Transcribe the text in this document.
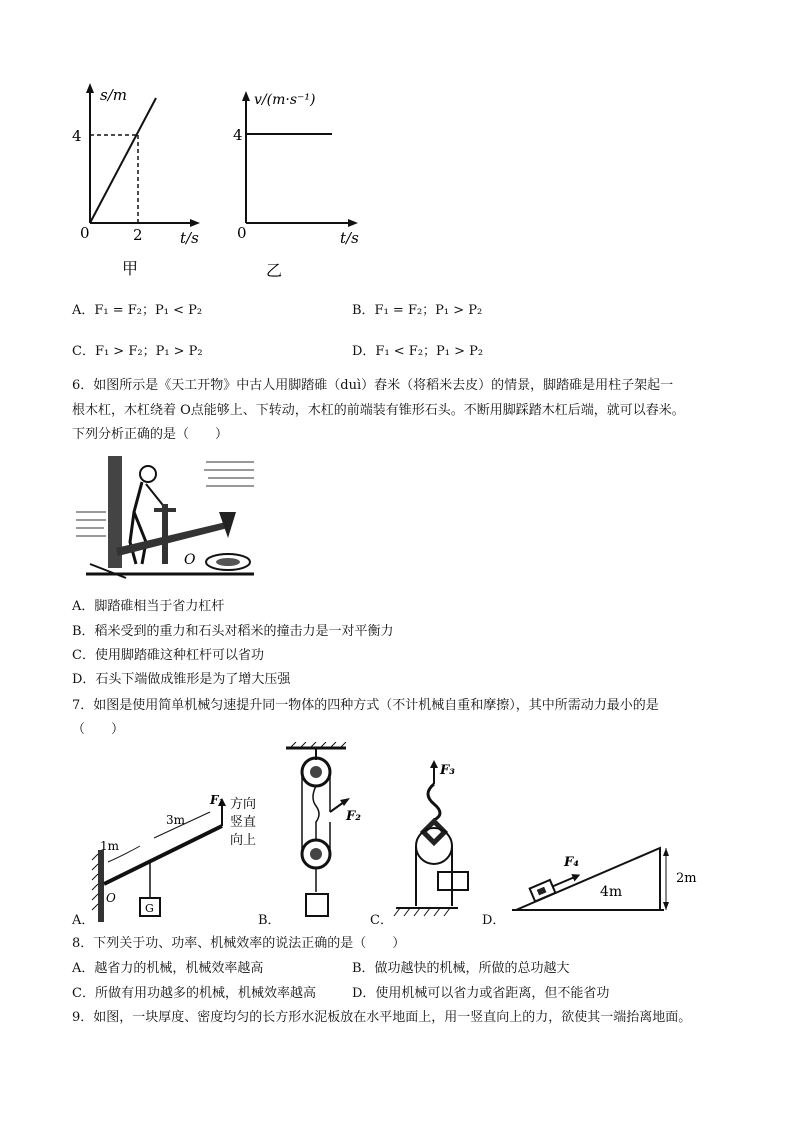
s/m
4
0	2 t/s
甲
v/(m·s⁻¹)
4
0	t/s
乙
A．F₁ = F₂；P₁ < P₂	B．F₁ = F₂；P₁ > P₂
C．F₁ > F₂；P₁ > P₂	D．F₁ < F₂；P₁ > P₂
6．如图所示是《天工开物》中古人用脚踏碓（duì）舂米（将稻米去皮）的情景，脚踏碓是用柱子架起一
根木杠，木杠绕着 O点能够上、下转动，木杠的前端装有锥形石头。不断用脚踩踏木杠后端，就可以舂米。
下列分析正确的是（　　）
O
A．脚踏碓相当于省力杠杆
B．稻米受到的重力和石头对稻米的撞击力是一对平衡力
C．使用脚踏碓这种杠杆可以省功
D．石头下端做成锥形是为了增大压强
7．如图是使用简单机械匀速提升同一物体的四种方式（不计机械自重和摩擦），其中所需动力最小的是
（　　）
G
1m
3m
F₁
O
方向
竖直
向上
A．
F₂
B．
F₃
C．
F₄
4m
2m
D．
8．下列关于功、功率、机械效率的说法正确的是（　　）
A．越省力的机械，机械效率越高	B．做功越快的机械，所做的总功越大
C．所做有用功越多的机械，机械效率越高	D．使用机械可以省力或省距离，但不能省功
9．如图，一块厚度、密度均匀的长方形水泥板放在水平地面上，用一竖直向上的力，欲使其一端抬离地面。
